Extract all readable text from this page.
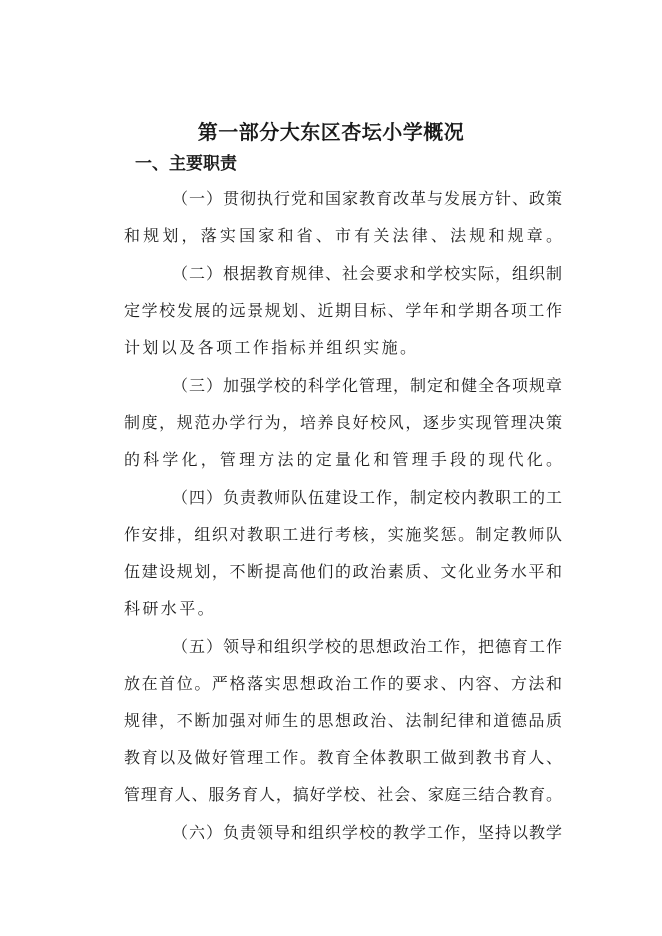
第一部分大东区杏坛小学概况
一、主要职责
（一）贯彻执行党和国家教育改革与发展方针、政策
和规划，落实国家和省、市有关法律、法规和规章。
（二）根据教育规律、社会要求和学校实际，组织制
定学校发展的远景规划、近期目标、学年和学期各项工作
计划以及各项工作指标并组织实施。
（三）加强学校的科学化管理，制定和健全各项规章
制度，规范办学行为，培养良好校风，逐步实现管理决策
的科学化，管理方法的定量化和管理手段的现代化。
（四）负责教师队伍建设工作，制定校内教职工的工
作安排，组织对教职工进行考核，实施奖惩。制定教师队
伍建设规划，不断提高他们的政治素质、文化业务水平和
科研水平。
（五）领导和组织学校的思想政治工作，把德育工作
放在首位。严格落实思想政治工作的要求、内容、方法和
规律，不断加强对师生的思想政治、法制纪律和道德品质
教育以及做好管理工作。教育全体教职工做到教书育人、
管理育人、服务育人，搞好学校、社会、家庭三结合教育。
（六）负责领导和组织学校的教学工作，坚持以教学
